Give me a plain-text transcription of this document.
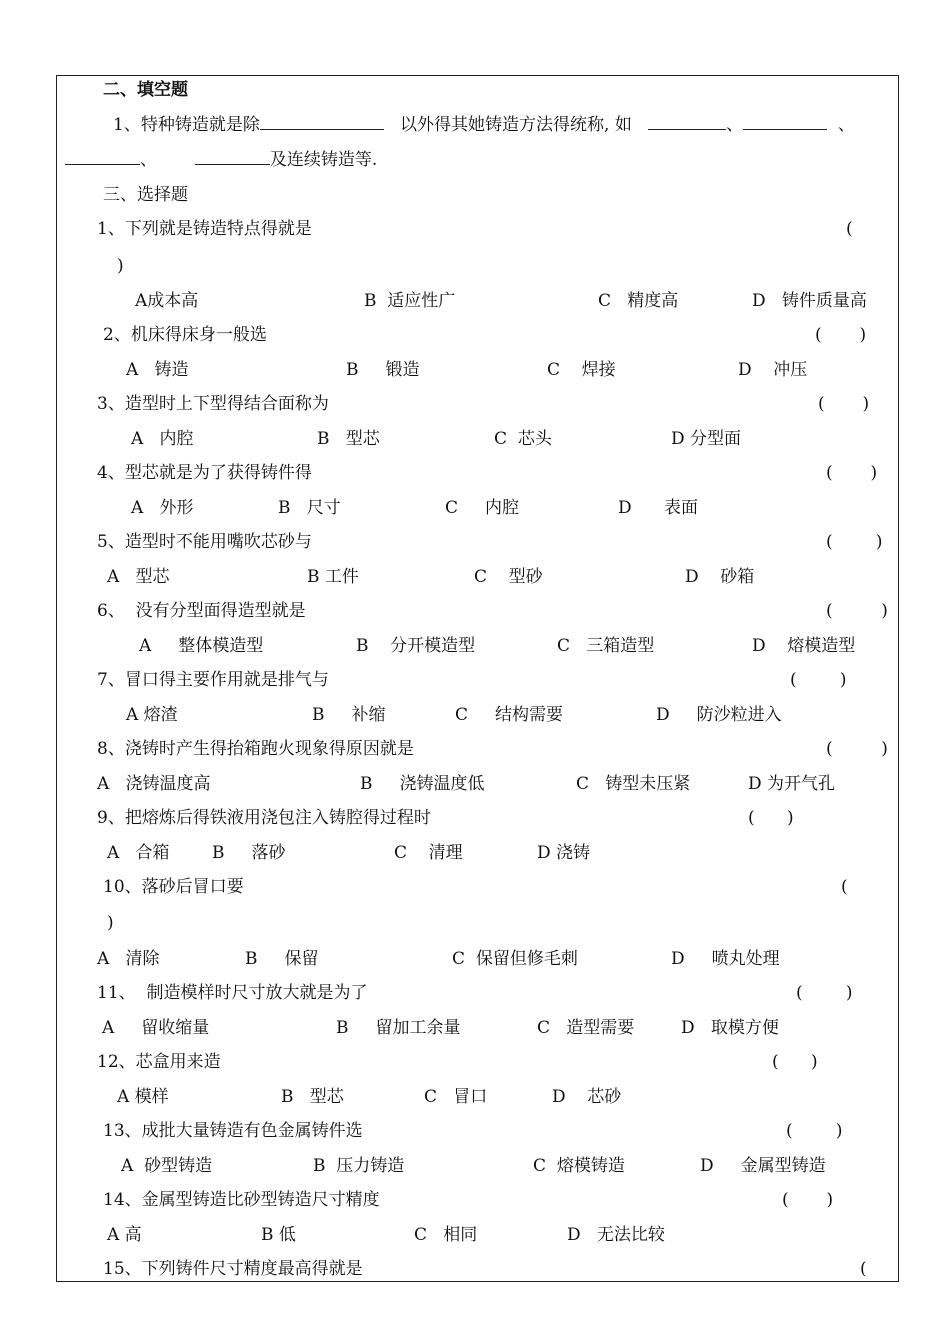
二、填空题
1、特种铸造就是除	以外得其她铸造方法得统称, 如	、	、
、	及连续铸造等.
三、选择题
1、下列就是铸造特点得就是	(
)
A成本高	B  适应性广	C   精度高	D   铸件质量高
2、机床得床身一般选	(       )
A   铸造	B     锻造	C    焊接	D    冲压
3、造型时上下型得结合面称为	(       )
A   内腔	B   型芯	C  芯头	D 分型面
4、型芯就是为了获得铸件得	(       )
A   外形	B   尺寸	C     内腔	D      表面
5、造型时不能用嘴吹芯砂与	(        )
A   型芯	B 工件	C    型砂	D    砂箱
6、  没有分型面得造型就是	(         )
A     整体模造型	B    分开模造型	C   三箱造型	D    熔模造型
7、冒口得主要作用就是排气与	(        )
A 熔渣	B     补缩	C     结构需要	D     防沙粒进入
8、浇铸时产生得抬箱跑火现象得原因就是	(         )
A   浇铸温度高	B     浇铸温度低	C   铸型未压紧	D 为开气孔
9、把熔炼后得铁液用浇包注入铸腔得过程时	(      )
A   合箱	B     落砂	C    清理	D 浇铸
10、落砂后冒口要	(
)
A   清除	B     保留	C  保留但修毛刺	D     喷丸处理
11、  制造模样时尺寸放大就是为了	(        )
A     留收缩量	B     留加工余量	C   造型需要	D   取模方便
12、芯盒用来造	(      )
A 模样	B   型芯	C   冒口	D    芯砂
13、成批大量铸造有色金属铸件选	(        )
A  砂型铸造	B  压力铸造	C  熔模铸造	D     金属型铸造
14、金属型铸造比砂型铸造尺寸精度	(       )
A 高	B 低	C   相同	D   无法比较
15、下列铸件尺寸精度最高得就是	(
